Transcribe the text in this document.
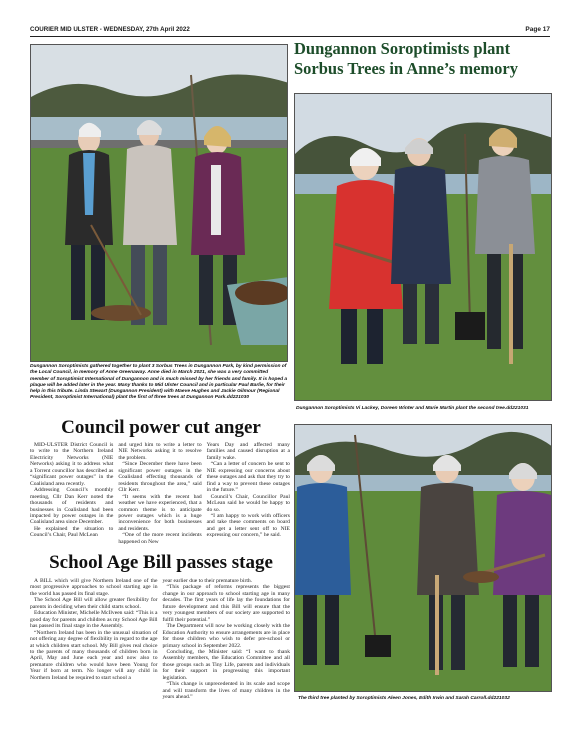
COURIER MID ULSTER - WEDNESDAY, 27th April 2022	Page 17
Dungannon Soroptimists plant
Sorbus Trees in Anne’s memory
Dungannon Soroptimists gathered together to plant 3 Sorbus Trees in Dungannon Park, by kind permission of the Local Council, in memory of Anne Greenaway. Anne died in March 2021, she was a very committed member of Soroptimist International of Dungannon and is much missed by her friends and family. It is hoped a plaque will be added later in the year. Many thanks to Mid Ulster Council and in particular Paul Barlie, for their help in this tribute. Linda Stewart (Dungannon President) with Maeve Hughes and Jackie Gilmour (Regional President, Soroptimist International) plant the first of three trees at Dungannon Park.dd221030
Dungannon Soroptimists Vi Lackey, Doreen Winter and Marie Martin plant the second tree.dd221031
Council power cut anger

MID-ULSTER District Council is to write to the Northern Ireland Electricity Networks (NIE Networks) asking it to address what a Torrent councillor has described as “significant power outages” in the Coalisland area recently.

Addressing Council’s monthly meeting, Cllr Dan Kerr noted the thousands of residents and businesses in Coalisland had been impacted by power outages in the Coalisland area since December.

He explained the situation to Council’s Chair, Paul McLean

and urged him to write a letter to NIE Networks asking it to resolve the problem.

“Since December there have been significant power outages in the Coalisland effecting thousands of residents throughout the area,” said Cllr Kerr.

“It seems with the recent bad weather we have experienced, that a common theme is to anticipate power outages which is a huge inconvenience for both businesses and residents.

“One of the more recent incidents happened on New

Years Day and affected many families and caused disruption at a family wake.

“Can a letter of concern be sent to NIE expressing our concerns about these outages and ask that they try to find a way to prevent these outages in the future.”

Council’s Chair, Councillor Paul McLean said he would be happy to do so.

“I am happy to work with officers and take these comments on board and get a letter sent off to NIE expressing our concern,” he said.

School Age Bill passes stage

A BILL which will give Northern Ireland one of the most progressive approaches to school starting age in the world has passed its final stage.

The School Age Bill will allow greater flexibility for parents in deciding when their child starts school.

Education Minister, Michelle McIlveen said: “This is a good day for parents and children as my School Age Bill has passed its final stage in the Assembly.

“Northern Ireland has been in the unusual situation of not offering any degree of flexibility in regard to the age at which children start school. My Bill gives real choice to the parents of many thousands of children born in April, May and June each year and now also to premature children who would have been Young for Year if born at term. No longer will any child in Northern Ireland be required to start school a

year earlier due to their premature birth.

“This package of reforms represents the biggest change in our approach to school starting age in many decades. The first years of life lay the foundations for future development and this Bill will ensure that the very youngest members of our society are supported to fulfil their potential.”

The Department will now be working closely with the Education Authority to ensure arrangements are in place for those children who wish to defer pre-school or primary school in September 2022.

Concluding, the Minister said: “I want to thank Assembly members, the Education Committee and all those groups such as Tiny Life, parents and individuals for their support in progressing this important legislation.

“This change is unprecedented in its scale and scope and will transform the lives of many children in the years ahead.”	The third tree planted by Soroptimists Aleen Jones, Edith Irwin and Sarah Carroll.dd221032
